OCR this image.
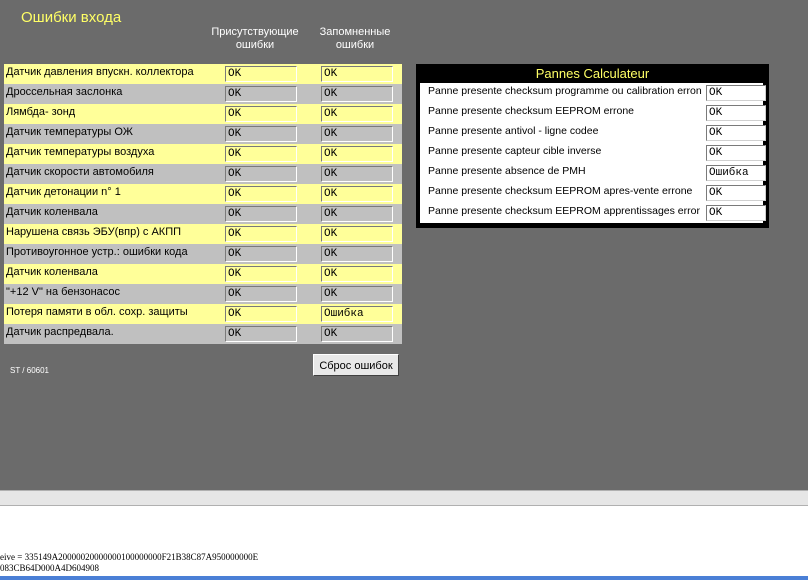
Ошибки входа
Присутствующие
ошибки
Запомненные
ошибки
Датчик давления впускн. коллектора	OK	OK
Дроссельная заслонка	OK	OK
Лямбда- зонд	OK	OK
Датчик температуры ОЖ	OK	OK
Датчик температуры воздуха	OK	OK
Датчик скорости автомобиля	OK	OK
Датчик детонации n° 1	OK	OK
Датчик коленвала	OK	OK
Нарушена связь ЭБУ(впр) с АКПП	OK	OK
Противоугонное устр.: ошибки кода	OK	OK
Датчик коленвала	OK	OK
"+12 V" на бензонасос	OK	OK
Потеря памяти в обл. сохр. защиты	OK	Ошибка
Датчик распредвала.	OK	OK
ST / 60601	Сброс ошибок
Pannes Calculateur
Panne presente checksum programme ou calibration erron OK
Panne presente checksum EEPROM errone	OK
Panne presente antivol - ligne codee	OK
Panne presente capteur cible inverse	OK
Panne presente absence de PMH	Ошибка
Panne presente checksum EEPROM apres-vente errone OK
Panne presente checksum EEPROM apprentissages error OK
eive = 335149A20000020000000100000000F21B38C87A950000000E
083CB64D000A4D604908
